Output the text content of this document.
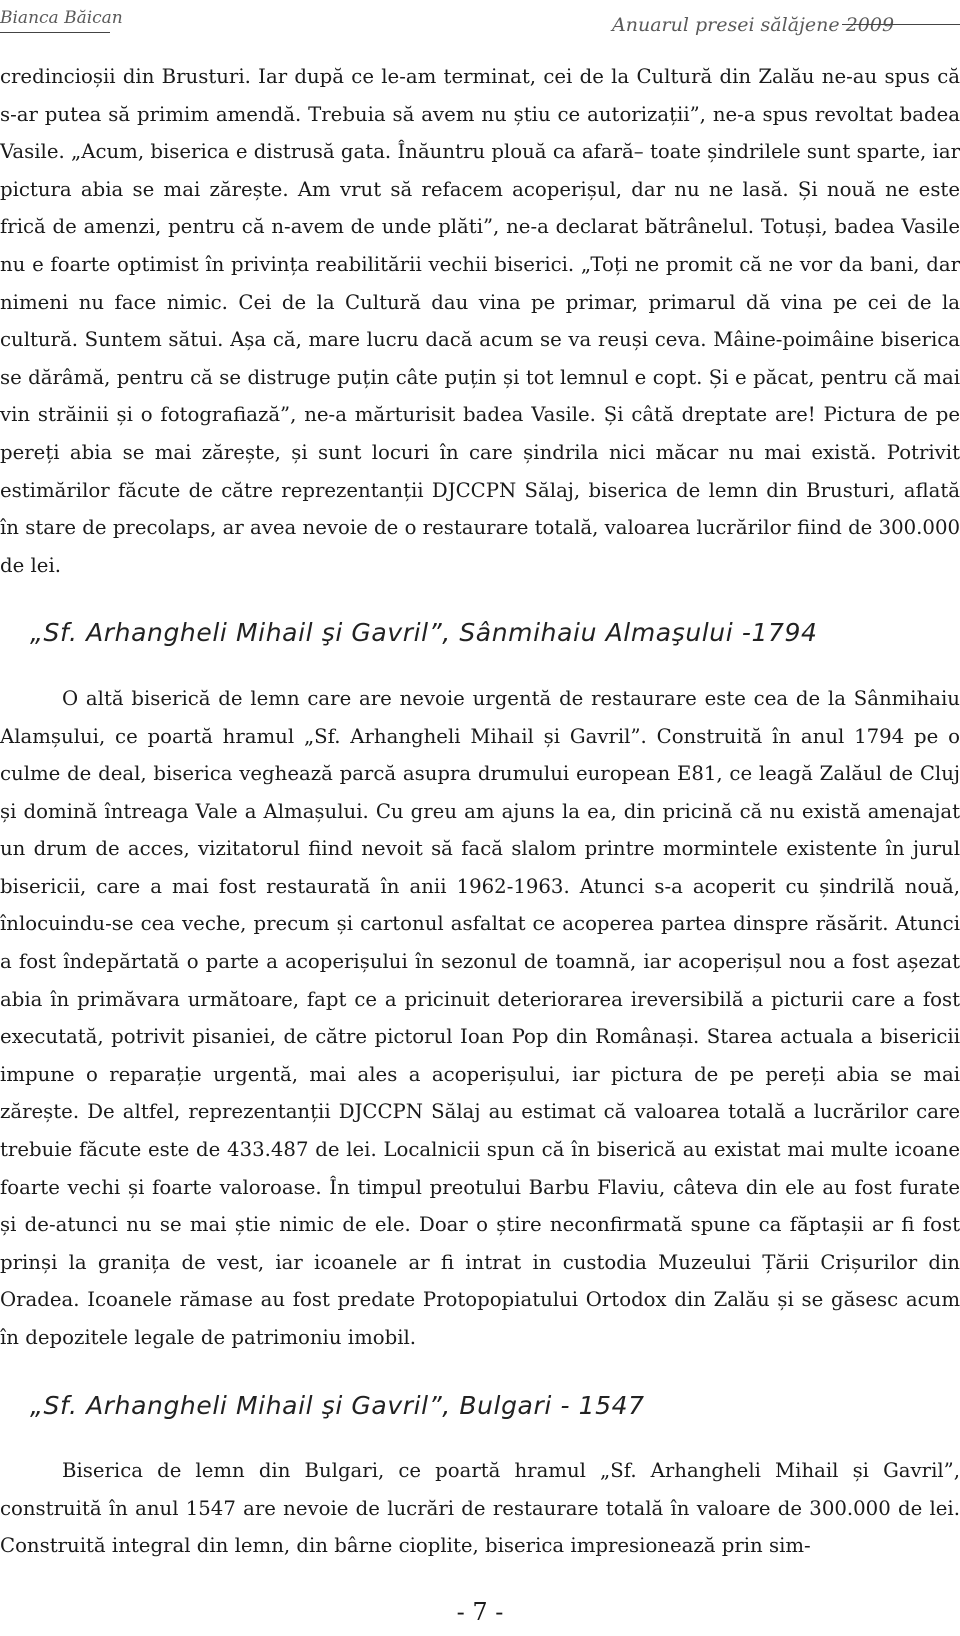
Bianca Băican	Anuarul presei sălăjene 2009

credincioșii din Brusturi. Iar după ce le-am terminat, cei de la Cultură din Zalău ne-au spus că s-ar putea să primim amendă. Trebuia să avem nu știu ce autorizații”, ne-a spus revoltat badea Vasile. „Acum, biserica e distrusă gata. Înăuntru plouă ca afară– toate șindrilele sunt sparte, iar pictura abia se mai zărește. Am vrut să refacem acoperișul, dar nu ne lasă. Și nouă ne este frică de amenzi, pentru că n-avem de unde plăti”, ne-a declarat bătrânelul. Totuși, badea Vasile nu e foarte optimist în privința reabilitării vechii biserici. „Toți ne promit că ne vor da bani, dar nimeni nu face nimic. Cei de la Cultură dau vina pe primar, primarul dă vina pe cei de la cultură. Suntem sătui. Așa că, mare lucru dacă acum se va reuși ceva. Mâine-poimâine biserica se dărâmă, pentru că se distruge puțin câte puțin și tot lemnul e copt. Și e păcat, pentru că mai vin străinii și o fotografiază”, ne-a mărturisit badea Vasile. Și câtă dreptate are! Pictura de pe pereți abia se mai zărește, și sunt locuri în care șindrila nici măcar nu mai există. Potrivit estimărilor făcute de către reprezentanții DJCCPN Sălaj, biserica de lemn din Brusturi, aflată în stare de precolaps, ar avea nevoie de o restaurare totală, valoarea lucrărilor fiind de 300.000 de lei.

„Sf. Arhangheli Mihail şi Gavril”, Sânmihaiu Almaşului -1794

O altă biserică de lemn care are nevoie urgentă de restaurare este cea de la Sânmihaiu Alamșului, ce poartă hramul „Sf. Arhangheli Mihail și Gavril”. Construită în anul 1794 pe o culme de deal, biserica veghează parcă asupra drumului european E81, ce leagă Zalăul de Cluj și domină întreaga Vale a Almașului. Cu greu am ajuns la ea, din pricină că nu există amenajat un drum de acces, vizitatorul fiind nevoit să facă slalom printre mormintele existente în jurul bisericii, care a mai fost restaurată în anii 1962-1963. Atunci s-a acoperit cu șindrilă nouă, înlocuindu-se cea veche, precum și cartonul asfaltat ce acoperea partea dinspre răsărit. Atunci a fost îndepărtată o parte a acoperișului în sezonul de toamnă, iar acoperișul nou a fost așezat abia în primăvara următoare, fapt ce a pricinuit deteriorarea ireversibilă a picturii care a fost executată, potrivit pisaniei, de către pictorul Ioan Pop din Românași. Starea actuala a bisericii impune o reparație urgentă, mai ales a acoperișului, iar pictura de pe pereți abia se mai zărește. De altfel, reprezentanții DJCCPN Sălaj au estimat că valoarea totală a lucrărilor care trebuie făcute este de 433.487 de lei. Localnicii spun că în biserică au existat mai multe icoane foarte vechi și foarte valoroase. În timpul preotului Barbu Flaviu, câteva din ele au fost furate și de-atunci nu se mai știe nimic de ele. Doar o știre neconfirmată spune ca făptașii ar fi fost prinși la granița de vest, iar icoanele ar fi intrat in custodia Muzeului Țării Crișurilor din Oradea. Icoanele rămase au fost predate Protopopiatului Ortodox din Zalău și se găsesc acum în depozitele legale de patrimoniu imobil.

„Sf. Arhangheli Mihail şi Gavril”, Bulgari - 1547

Biserica de lemn din Bulgari, ce poartă hramul „Sf. Arhangheli Mihail și Gavril”, construită în anul 1547 are nevoie de lucrări de restaurare totală în valoare de 300.000 de lei. Construită integral din lemn, din bârne cioplite, biserica impresionează prin sim-

- 7 -
